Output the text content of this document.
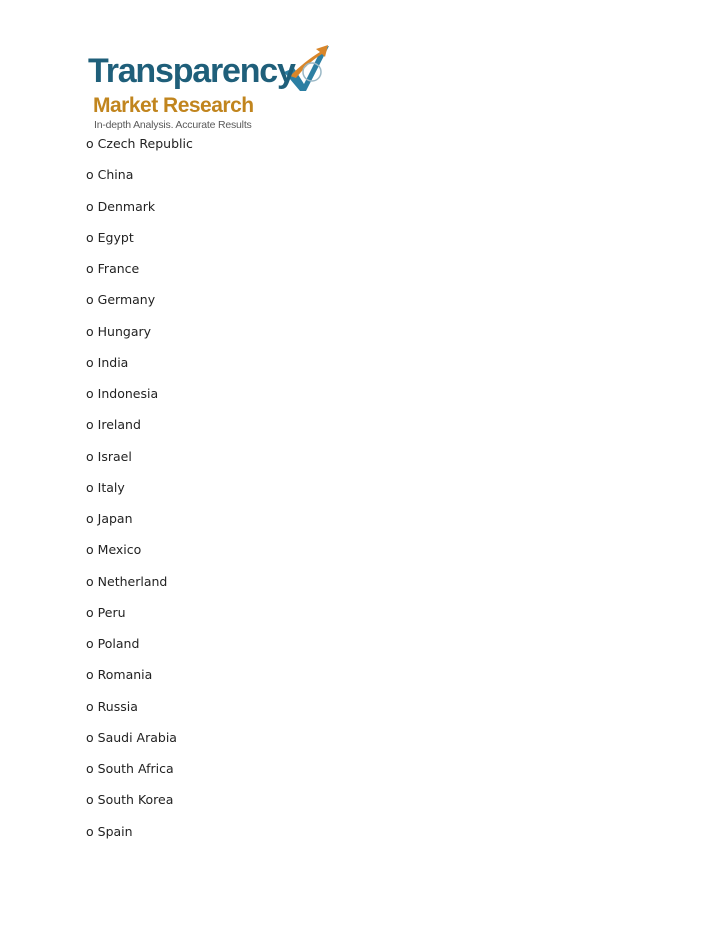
Transparency
Market Research
In-depth Analysis. Accurate Results
o Czech Republic
o China
o Denmark
o Egypt
o France
o Germany
o Hungary
o India
o Indonesia
o Ireland
o Israel
o Italy
o Japan
o Mexico
o Netherland
o Peru
o Poland
o Romania
o Russia
o Saudi Arabia
o South Africa
o South Korea
o Spain
